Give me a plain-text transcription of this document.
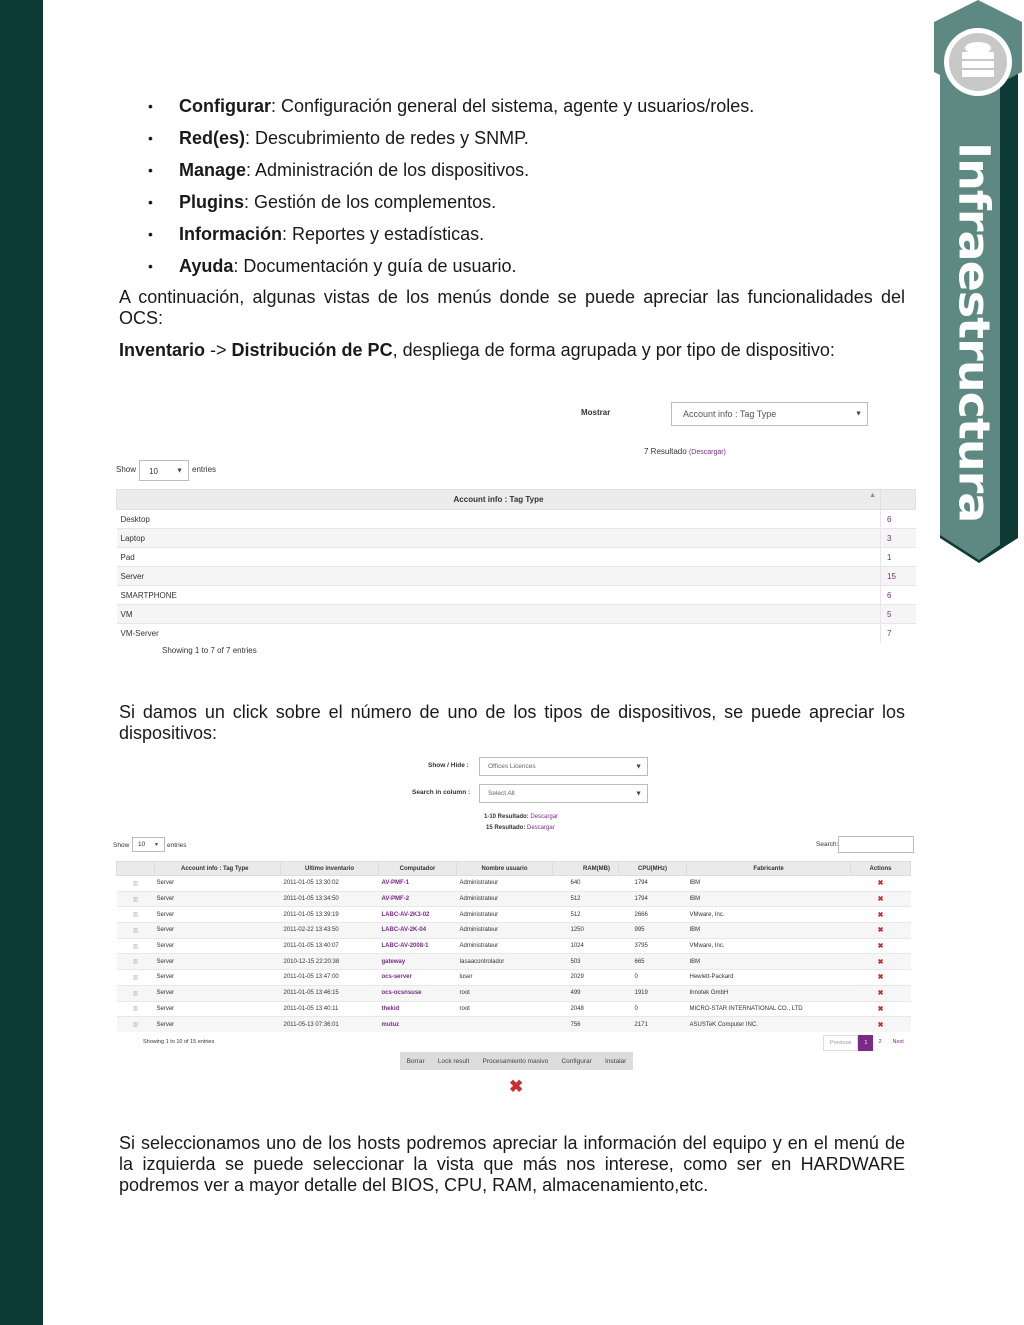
Infraestructura
• Configurar: Configuración general del sistema, agente y usuarios/roles.
• Red(es): Descubrimiento de redes y SNMP.
• Manage: Administración de los dispositivos.
• Plugins: Gestión de los complementos.
• Información: Reportes y estadísticas.
• Ayuda: Documentación y guía de usuario.

A continuación, algunas vistas de los menús donde se puede apreciar las funcionalidades del OCS:

Inventario -> Distribución de PC, despliega de forma agrupada y por tipo de dispositivo:

Mostrar	Account info : Tag Type	▼
7 Resultado (Descargar)
Show 10	▼ entries
Account info : Tag Type ▲	

Desktop	6
Laptop	3
Pad	1
Server	15
SMARTPHONE	6
VM	5
VM-Server	7
Showing 1 to 7 of 7 entries

Si damos un click sobre el número de uno de los tipos de dispositivos, se puede apreciar los dispositivos:

Show / Hide :	Offices Licences	▼
Search in column :	Select All	▼
1-10 Resultado: Descargar
15 Resultado: Descargar
Show 10 ▼ entries	Search:
	Account info : Tag Type	Ultimo inventario	Computador	Nombre usuario	RAM(MB)	CPU(MHz)	Fabricante	Actions
▥	Server	2011-01-05 13:30:02	AV-PMF-1	Administrateur	640	1794	IBM	✖
▥	Server	2011-01-05 13:34:50	AV-PMF-2	Administrateur	512	1794	IBM	✖
▥	Server	2011-01-05 13:39:19	LABC-AV-2K3-02	Administrateur	512	2666	VMware, Inc.	✖
▥	Server	2011-02-22 13:43:50	LABC-AV-2K-04	Administrateur	1250	995	IBM	✖
▥	Server	2011-01-05 13:40:07	LABC-AV-2008-1	Administrateur	1024	3795	VMware, Inc.	✖
▥	Server	2010-12-15 22:20:38	gateway	Iasaacontrolador	503	665	IBM	✖
▥	Server	2011-01-05 13:47:00	ocs-server	luser	2029	0	Hewlett-Packard	✖
▥	Server	2011-01-05 13:46:15	ocs-ocsnsuse	root	499	1919	Innotek GmbH	✖
▥	Server	2011-01-05 13:40:11	thekid	root	2048	0	MICRO-STAR INTERNATIONAL CO., LTD	✖
▥	Server	2011-05-13 07:36:01	mutuz		756	2171	ASUSTeK Computer INC.	✖
Showing 1 to 10 of 15 entries	Previous	1	2	Next
Borrar Lock result Procesamiento masivo Configurar Instalar
✖

Si seleccionamos uno de los hosts podremos apreciar la información del equipo y en el menú de la izquierda se puede seleccionar la vista que más nos interese, como ser en HARDWARE podremos ver a mayor detalle del BIOS, CPU, RAM, almacenamiento,etc.
